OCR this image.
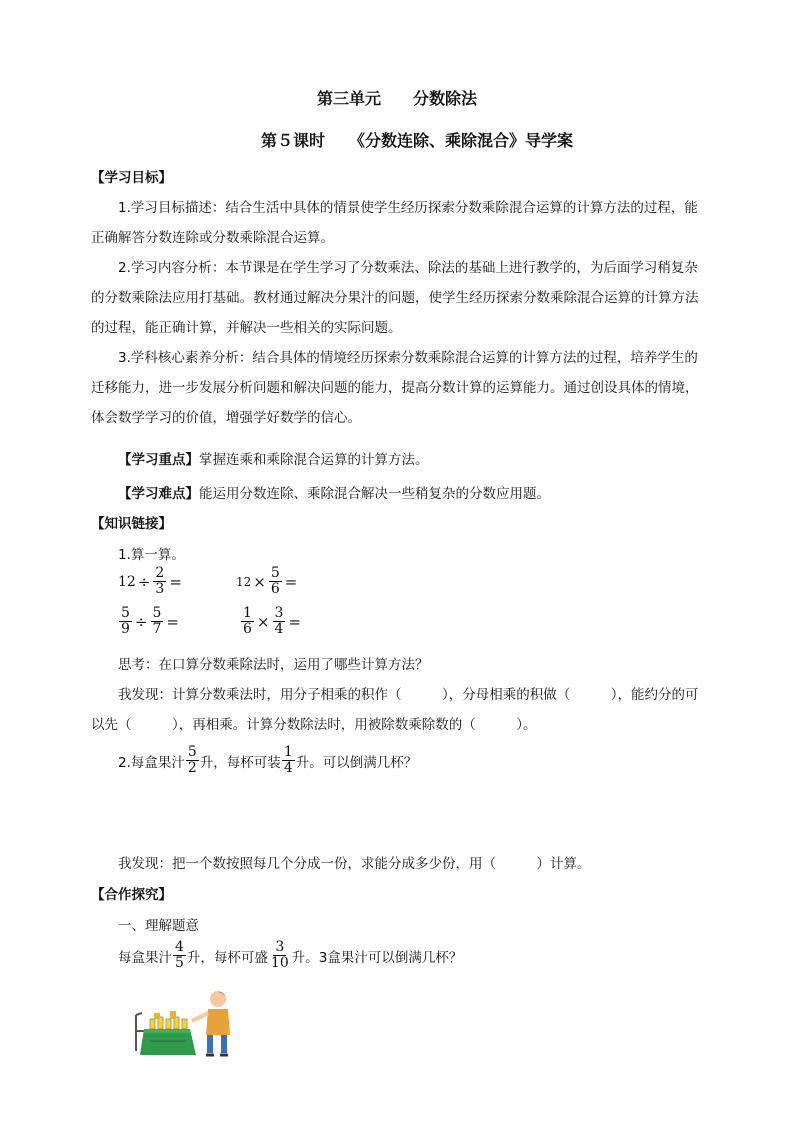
第三单元　　分数除法
第５课时　　《分数连除、乘除混合》导学案
【学习目标】
1.学习目标描述：结合生活中具体的情景使学生经历探索分数乘除混合运算的计算方法的过程，能正确解答分数连除或分数乘除混合运算。
2.学习内容分析：本节课是在学生学习了分数乘法、除法的基础上进行教学的，为后面学习稍复杂的分数乘除法应用打基础。教材通过解决分果汁的问题，使学生经历探索分数乘除混合运算的计算方法的过程，能正确计算，并解决一些相关的实际问题。
3.学科核心素养分析：结合具体的情境经历探索分数乘除混合运算的计算方法的过程，培养学生的迁移能力，进一步发展分析问题和解决问题的能力，提高分数计算的运算能力。通过创设具体的情境，体会数学学习的价值，增强学好数学的信心。
【学习重点】掌握连乘和乘除混合运算的计算方法。
【学习难点】能运用分数连除、乘除混合解决一些稍复杂的分数应用题。
【知识链接】
1.算一算。
$12 \div \frac{2}{3}$ =	$12 \times \frac{5}{6}$ =
$\frac{5}{9} \div \frac{5}{7}$ =	$\frac{1}{6} \times \frac{3}{4}$ =
思考：在口算分数乘除法时，运用了哪些计算方法？
我发现：计算分数乘法时，用分子相乘的积作（　　　），分母相乘的积做（　　　），能约分的可以先（　　　），再相乘。计算分数除法时，用被除数乘除数的（　　　）。
2.每盒果汁 $\frac{5}{2}$ 升，每杯可装 $\frac{1}{4}$ 升。可以倒满几杯？
我发现：把一个数按照每几个分成一份，求能分成多少份，用（　　　）计算。
【合作探究】
一、理解题意
每盒果汁 $\frac{4}{5}$ 升，每杯可盛 $\frac{3}{10}$ 升。3盒果汁可以倒满几杯？
